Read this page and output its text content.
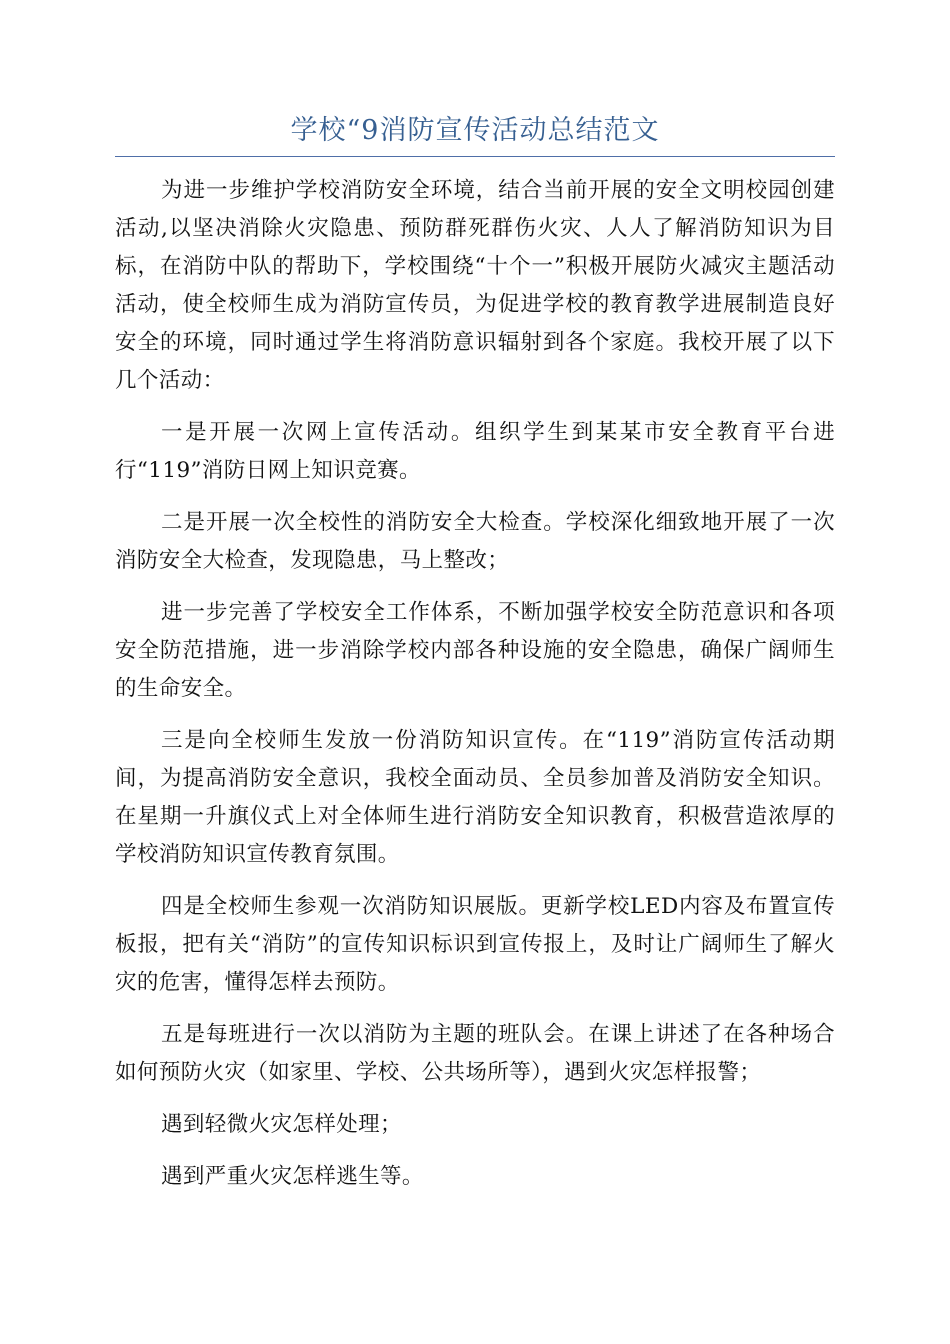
学校“9消防宣传活动总结范文

为进一步维护学校消防安全环境，结合当前开展的安全文明校园创建活动,以坚决消除火灾隐患、预防群死群伤火灾、人人了解消防知识为目标，在消防中队的帮助下，学校围绕“十个一”积极开展防火减灾主题活动活动，使全校师生成为消防宣传员，为促进学校的教育教学进展制造良好安全的环境，同时通过学生将消防意识辐射到各个家庭。我校开展了以下几个活动：

一是开展一次网上宣传活动。组织学生到某某市安全教育平台进行“119”消防日网上知识竞赛。

二是开展一次全校性的消防安全大检查。学校深化细致地开展了一次消防安全大检查，发现隐患，马上整改；

进一步完善了学校安全工作体系，不断加强学校安全防范意识和各项安全防范措施，进一步消除学校内部各种设施的安全隐患，确保广阔师生的生命安全。

三是向全校师生发放一份消防知识宣传。在“119”消防宣传活动期间，为提高消防安全意识，我校全面动员、全员参加普及消防安全知识。在星期一升旗仪式上对全体师生进行消防安全知识教育，积极营造浓厚的学校消防知识宣传教育氛围。

四是全校师生参观一次消防知识展版。更新学校LED内容及布置宣传板报，把有关“消防”的宣传知识标识到宣传报上，及时让广阔师生了解火灾的危害，懂得怎样去预防。

五是每班进行一次以消防为主题的班队会。在课上讲述了在各种场合如何预防火灾（如家里、学校、公共场所等），遇到火灾怎样报警；

遇到轻微火灾怎样处理；

遇到严重火灾怎样逃生等。
